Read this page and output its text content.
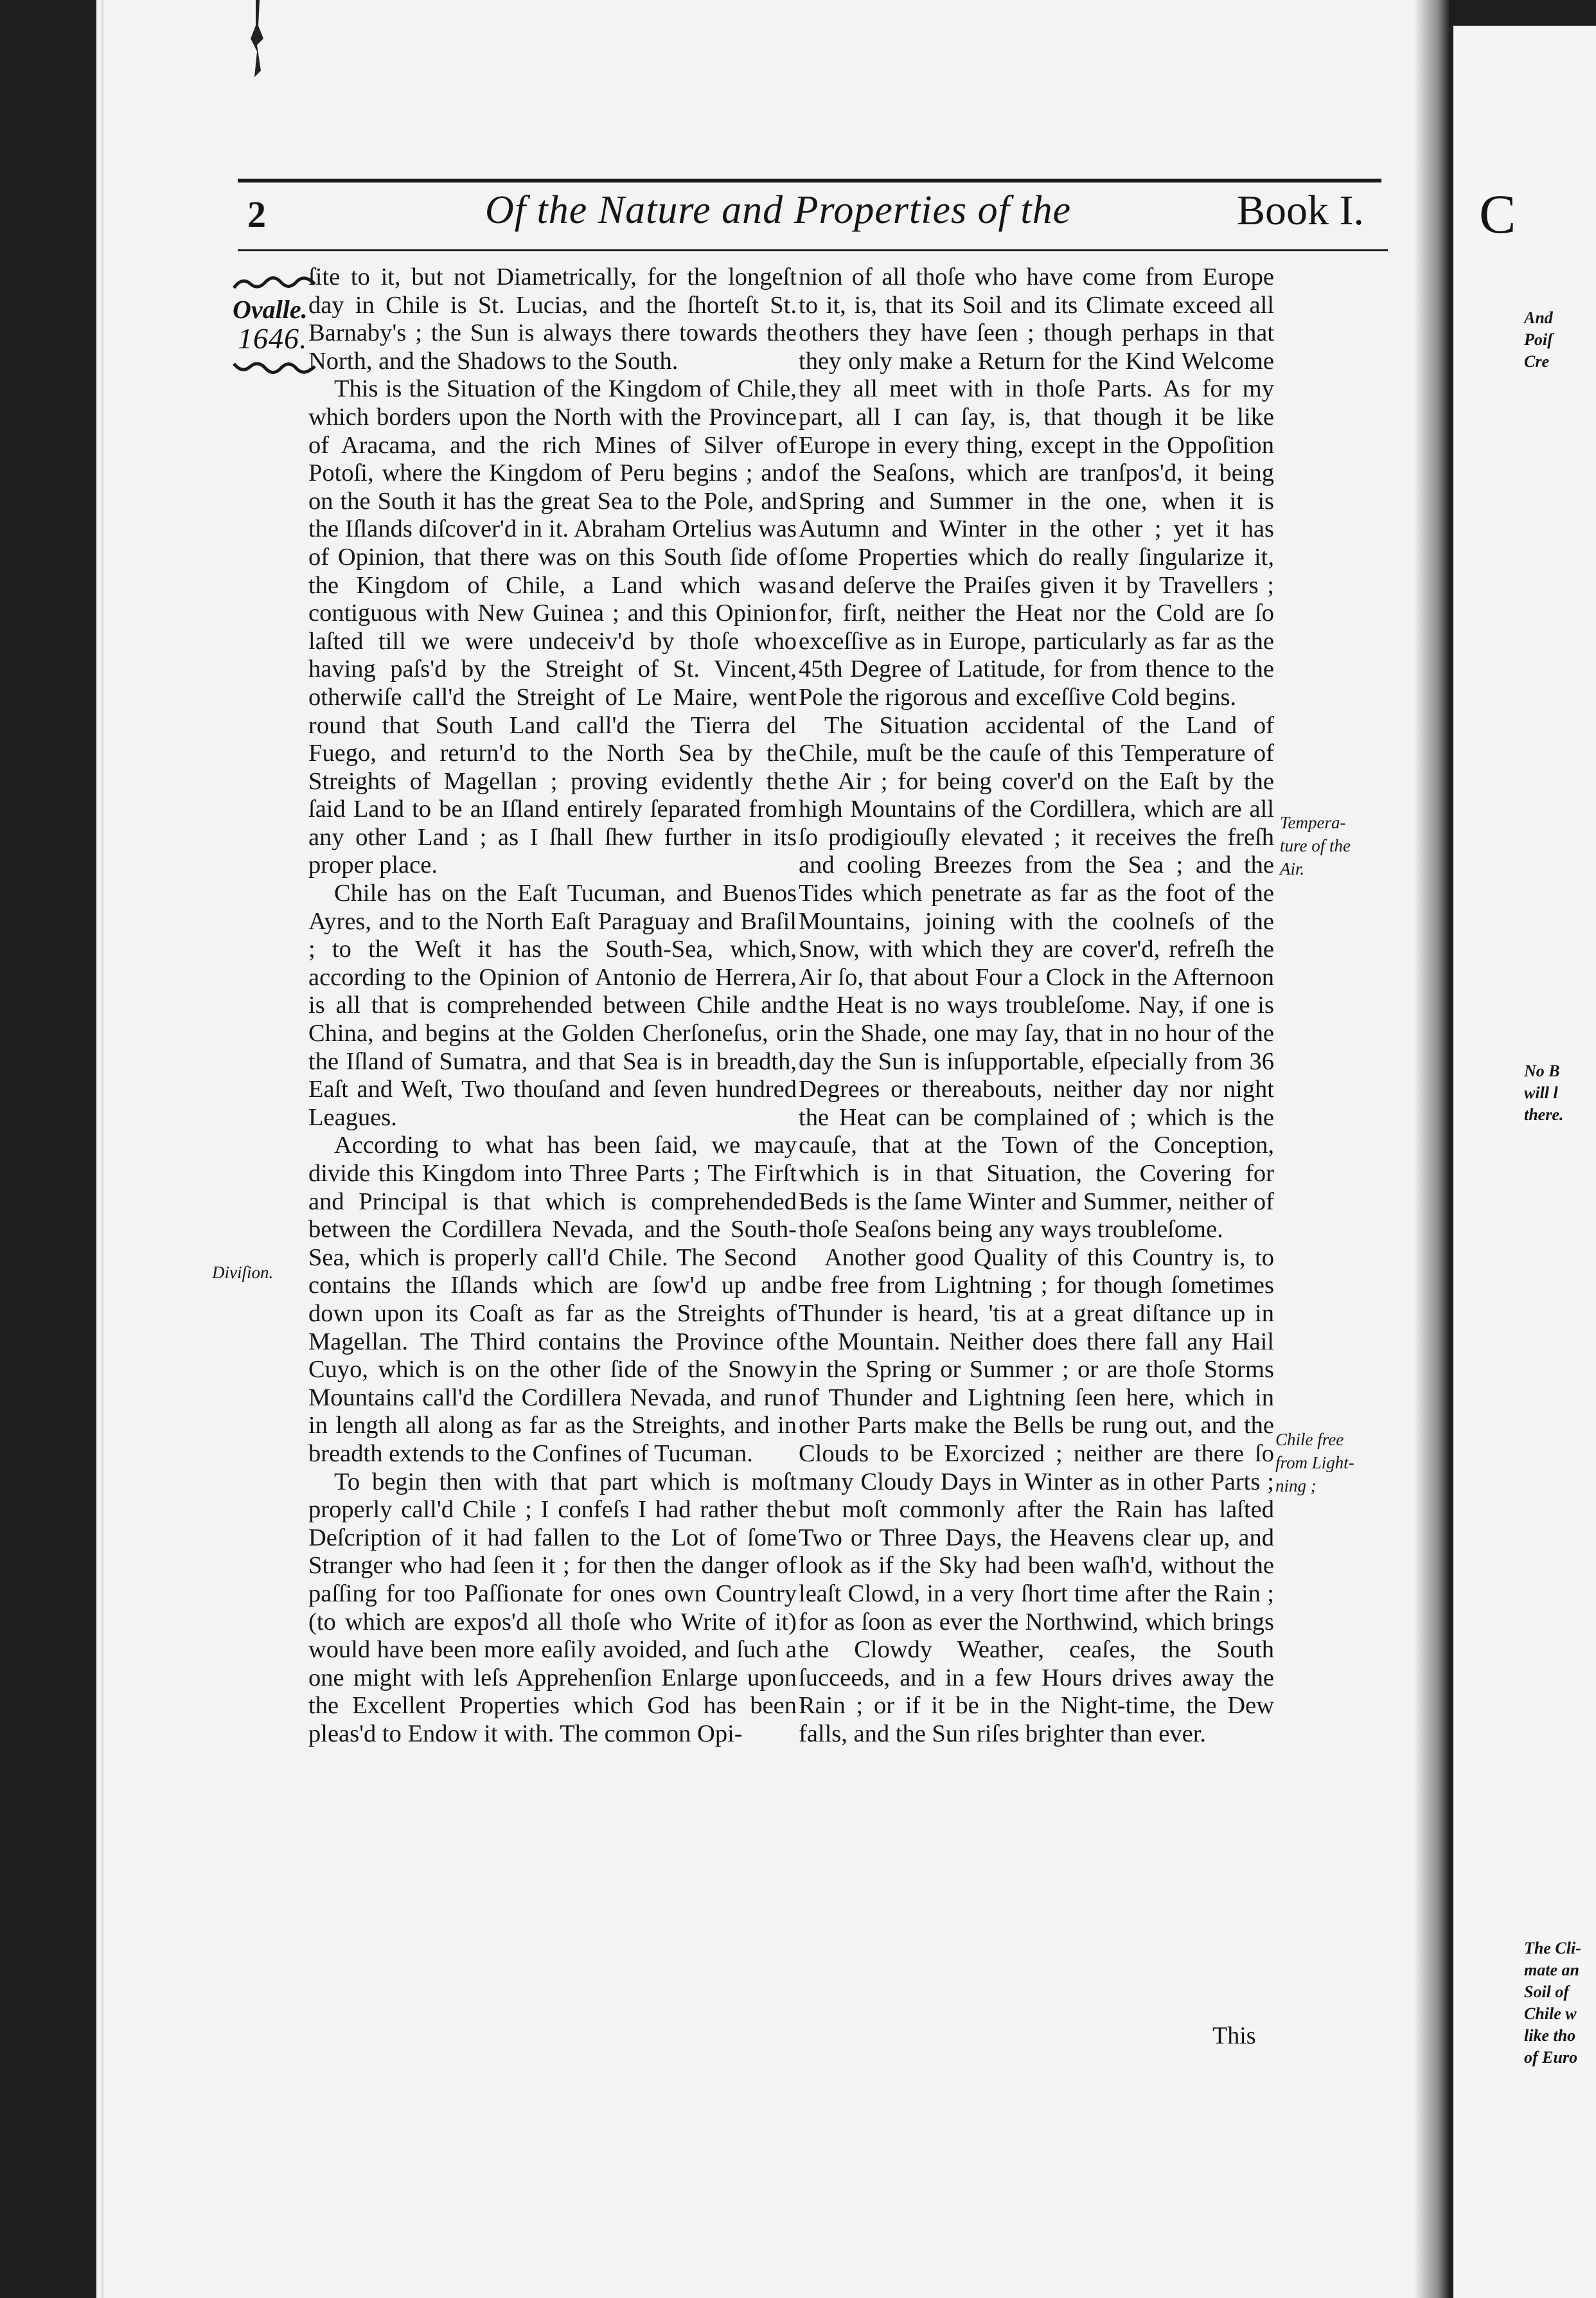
C
And
Poiſ
Cre
No B
will l
there.
The Cli-
mate an
Soil of
Chile w
like tho
of Euro
2	Of the Nature and Properties of the	Book I.
Ovalle.
1646.
Diviſion.
Tempera-
ture of the
Air.
Chile free
from Light-
ning ;

ſite to it, but not Diametrically, for the longeſt day in Chile is St. Lucias, and the ſhorteſt St. Barnaby's ; the Sun is always there towards the North, and the Shadows to the South.

This is the Situation of the Kingdom of Chile, which borders upon the North with the Province of Aracama, and the rich Mines of Silver of Potoſi, where the Kingdom of Peru begins ; and on the South it has the great Sea to the Pole, and the Iſlands diſcover'd in it. Abraham Ortelius was of Opinion, that there was on this South ſide of the Kingdom of Chile, a Land which was contiguous with New Guinea ; and this Opinion laſted till we were undeceiv'd by thoſe who having paſs'd by the Streight of St. Vincent, otherwiſe call'd the Streight of Le Maire, went round that South Land call'd the Tierra del Fuego, and return'd to the North Sea by the Streights of Magellan ; proving evidently the ſaid Land to be an Iſland entirely ſeparated from any other Land ; as I ſhall ſhew further in its proper place.

Chile has on the Eaſt Tucuman, and Buenos Ayres, and to the North Eaſt Paraguay and Braſil ; to the Weſt it has the South-Sea, which, according to the Opinion of Antonio de Herrera, is all that is comprehended between Chile and China, and begins at the Golden Cherſoneſus, or the Iſland of Sumatra, and that Sea is in breadth, Eaſt and Weſt, Two thouſand and ſeven hundred Leagues.

According to what has been ſaid, we may divide this Kingdom into Three Parts ; The Firſt and Principal is that which is comprehended between the Cordillera Nevada, and the South-Sea, which is properly call'd Chile. The Second contains the Iſlands which are ſow'd up and down upon its Coaſt as far as the Streights of Magellan. The Third contains the Province of Cuyo, which is on the other ſide of the Snowy Mountains call'd the Cordillera Nevada, and run in length all along as far as the Streights, and in breadth extends to the Confines of Tucuman.

To begin then with that part which is moſt properly call'd Chile ; I confeſs I had rather the Deſcription of it had fallen to the Lot of ſome Stranger who had ſeen it ; for then the danger of paſſing for too Paſſionate for ones own Country (to which are expos'd all thoſe who Write of it) would have been more eaſily avoided, and ſuch a one might with leſs Apprehenſion Enlarge upon the Excellent Properties which God has been pleas'd to Endow it with. The common Opi-

nion of all thoſe who have come from Europe to it, is, that its Soil and its Climate exceed all others they have ſeen ; though perhaps in that they only make a Return for the Kind Welcome they all meet with in thoſe Parts. As for my part, all I can ſay, is, that though it be like Europe in every thing, except in the Oppoſition of the Seaſons, which are tranſpos'd, it being Spring and Summer in the one, when it is Autumn and Winter in the other ; yet it has ſome Properties which do really ſingularize it, and deſerve the Praiſes given it by Travellers ; for, firſt, neither the Heat nor the Cold are ſo exceſſive as in Europe, particularly as far as the 45th Degree of Latitude, for from thence to the Pole the rigorous and exceſſive Cold begins.

The Situation accidental of the Land of Chile, muſt be the cauſe of this Temperature of the Air ; for being cover'd on the Eaſt by the high Mountains of the Cordillera, which are all ſo prodigiouſly elevated ; it receives the freſh and cooling Breezes from the Sea ; and the Tides which penetrate as far as the foot of the Mountains, joining with the coolneſs of the Snow, with which they are cover'd, refreſh the Air ſo, that about Four a Clock in the Afternoon the Heat is no ways troubleſome. Nay, if one is in the Shade, one may ſay, that in no hour of the day the Sun is inſupportable, eſpecially from 36 Degrees or thereabouts, neither day nor night the Heat can be complained of ; which is the cauſe, that at the Town of the Conception, which is in that Situation, the Covering for Beds is the ſame Winter and Summer, neither of thoſe Seaſons being any ways troubleſome.

Another good Quality of this Country is, to be free from Lightning ; for though ſometimes Thunder is heard, 'tis at a great diſtance up in the Mountain. Neither does there fall any Hail in the Spring or Summer ; or are thoſe Storms of Thunder and Lightning ſeen here, which in other Parts make the Bells be rung out, and the Clouds to be Exorcized ; neither are there ſo many Cloudy Days in Winter as in other Parts ; but moſt commonly after the Rain has laſted Two or Three Days, the Heavens clear up, and look as if the Sky had been waſh'd, without the leaſt Clowd, in a very ſhort time after the Rain ; for as ſoon as ever the Northwind, which brings the Clowdy Weather, ceaſes, the South ſucceeds, and in a few Hours drives away the Rain ; or if it be in the Night-time, the Dew falls, and the Sun riſes brighter than ever.

This
